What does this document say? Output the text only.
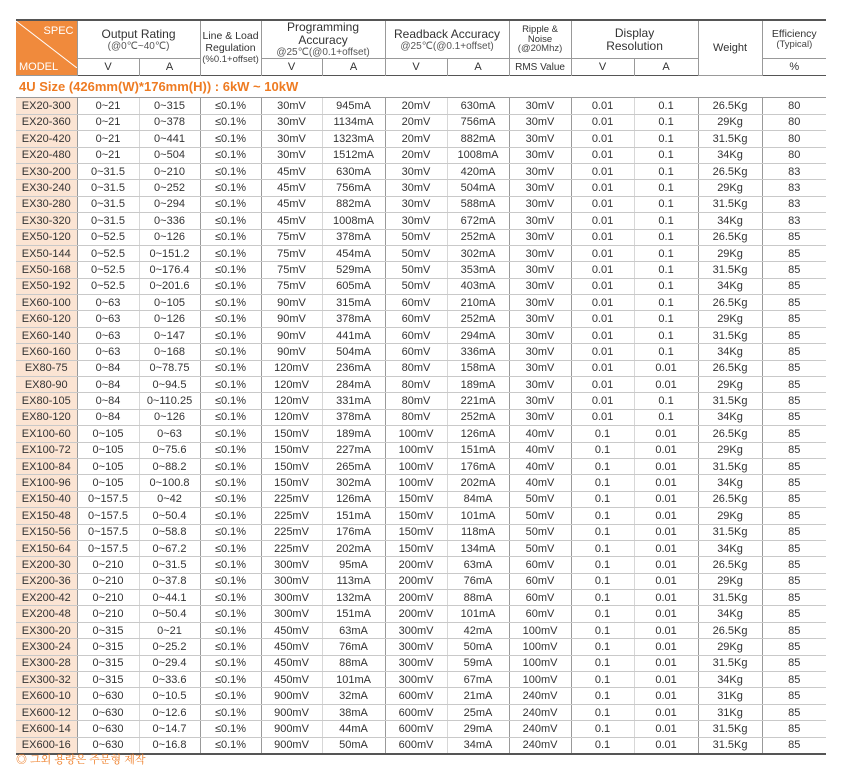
SPEC
MODEL	Output Rating
(@0℃~40℃)		Line & Load
Regulation
(%0.1+offset)	Programming Accuracy
@25℃(@0.1+offset)		Readback Accuracy
@25℃(@0.1+offset)		Ripple &
Noise
(@20Mhz)	Display
Resolution		Weight	Efficiency
(Typical)

	V	A		V	A	V	A	RMS Value	V	A		%
4U Size (426mm(W)*176mm(H)) : 6kW ~ 10kW												
EX20-300	0~21	0~315	≤0.1%	30mV	945mA	20mV	630mA	30mV	0.01	0.1	26.5Kg	80
EX20-360	0~21	0~378	≤0.1%	30mV	1134mA	20mV	756mA	30mV	0.01	0.1	29Kg	80
EX20-420	0~21	0~441	≤0.1%	30mV	1323mA	20mV	882mA	30mV	0.01	0.1	31.5Kg	80
EX20-480	0~21	0~504	≤0.1%	30mV	1512mA	20mV	1008mA	30mV	0.01	0.1	34Kg	80
EX30-200	0~31.5	0~210	≤0.1%	45mV	630mA	30mV	420mA	30mV	0.01	0.1	26.5Kg	83
EX30-240	0~31.5	0~252	≤0.1%	45mV	756mA	30mV	504mA	30mV	0.01	0.1	29Kg	83
EX30-280	0~31.5	0~294	≤0.1%	45mV	882mA	30mV	588mA	30mV	0.01	0.1	31.5Kg	83
EX30-320	0~31.5	0~336	≤0.1%	45mV	1008mA	30mV	672mA	30mV	0.01	0.1	34Kg	83
EX50-120	0~52.5	0~126	≤0.1%	75mV	378mA	50mV	252mA	30mV	0.01	0.1	26.5Kg	85
EX50-144	0~52.5	0~151.2	≤0.1%	75mV	454mA	50mV	302mA	30mV	0.01	0.1	29Kg	85
EX50-168	0~52.5	0~176.4	≤0.1%	75mV	529mA	50mV	353mA	30mV	0.01	0.1	31.5Kg	85
EX50-192	0~52.5	0~201.6	≤0.1%	75mV	605mA	50mV	403mA	30mV	0.01	0.1	34Kg	85
EX60-100	0~63	0~105	≤0.1%	90mV	315mA	60mV	210mA	30mV	0.01	0.1	26.5Kg	85
EX60-120	0~63	0~126	≤0.1%	90mV	378mA	60mV	252mA	30mV	0.01	0.1	29Kg	85
EX60-140	0~63	0~147	≤0.1%	90mV	441mA	60mV	294mA	30mV	0.01	0.1	31.5Kg	85
EX60-160	0~63	0~168	≤0.1%	90mV	504mA	60mV	336mA	30mV	0.01	0.1	34Kg	85
EX80-75	0~84	0~78.75	≤0.1%	120mV	236mA	80mV	158mA	30mV	0.01	0.01	26.5Kg	85
EX80-90	0~84	0~94.5	≤0.1%	120mV	284mA	80mV	189mA	30mV	0.01	0.01	29Kg	85
EX80-105	0~84	0~110.25	≤0.1%	120mV	331mA	80mV	221mA	30mV	0.01	0.1	31.5Kg	85
EX80-120	0~84	0~126	≤0.1%	120mV	378mA	80mV	252mA	30mV	0.01	0.1	34Kg	85
EX100-60	0~105	0~63	≤0.1%	150mV	189mA	100mV	126mA	40mV	0.1	0.01	26.5Kg	85
EX100-72	0~105	0~75.6	≤0.1%	150mV	227mA	100mV	151mA	40mV	0.1	0.01	29Kg	85
EX100-84	0~105	0~88.2	≤0.1%	150mV	265mA	100mV	176mA	40mV	0.1	0.01	31.5Kg	85
EX100-96	0~105	0~100.8	≤0.1%	150mV	302mA	100mV	202mA	40mV	0.1	0.01	34Kg	85
EX150-40	0~157.5	0~42	≤0.1%	225mV	126mA	150mV	84mA	50mV	0.1	0.01	26.5Kg	85
EX150-48	0~157.5	0~50.4	≤0.1%	225mV	151mA	150mV	101mA	50mV	0.1	0.01	29Kg	85
EX150-56	0~157.5	0~58.8	≤0.1%	225mV	176mA	150mV	118mA	50mV	0.1	0.01	31.5Kg	85
EX150-64	0~157.5	0~67.2	≤0.1%	225mV	202mA	150mV	134mA	50mV	0.1	0.01	34Kg	85
EX200-30	0~210	0~31.5	≤0.1%	300mV	95mA	200mV	63mA	60mV	0.1	0.01	26.5Kg	85
EX200-36	0~210	0~37.8	≤0.1%	300mV	113mA	200mV	76mA	60mV	0.1	0.01	29Kg	85
EX200-42	0~210	0~44.1	≤0.1%	300mV	132mA	200mV	88mA	60mV	0.1	0.01	31.5Kg	85
EX200-48	0~210	0~50.4	≤0.1%	300mV	151mA	200mV	101mA	60mV	0.1	0.01	34Kg	85
EX300-20	0~315	0~21	≤0.1%	450mV	63mA	300mV	42mA	100mV	0.1	0.01	26.5Kg	85
EX300-24	0~315	0~25.2	≤0.1%	450mV	76mA	300mV	50mA	100mV	0.1	0.01	29Kg	85
EX300-28	0~315	0~29.4	≤0.1%	450mV	88mA	300mV	59mA	100mV	0.1	0.01	31.5Kg	85
EX300-32	0~315	0~33.6	≤0.1%	450mV	101mA	300mV	67mA	100mV	0.1	0.01	34Kg	85
EX600-10	0~630	0~10.5	≤0.1%	900mV	32mA	600mV	21mA	240mV	0.1	0.01	31Kg	85
EX600-12	0~630	0~12.6	≤0.1%	900mV	38mA	600mV	25mA	240mV	0.1	0.01	31Kg	85
EX600-14	0~630	0~14.7	≤0.1%	900mV	44mA	600mV	29mA	240mV	0.1	0.01	31.5Kg	85
EX600-16	0~630	0~16.8	≤0.1%	900mV	50mA	600mV	34mA	240mV	0.1	0.01	31.5Kg	85
◎ 그외 용량은 주문형 제작
